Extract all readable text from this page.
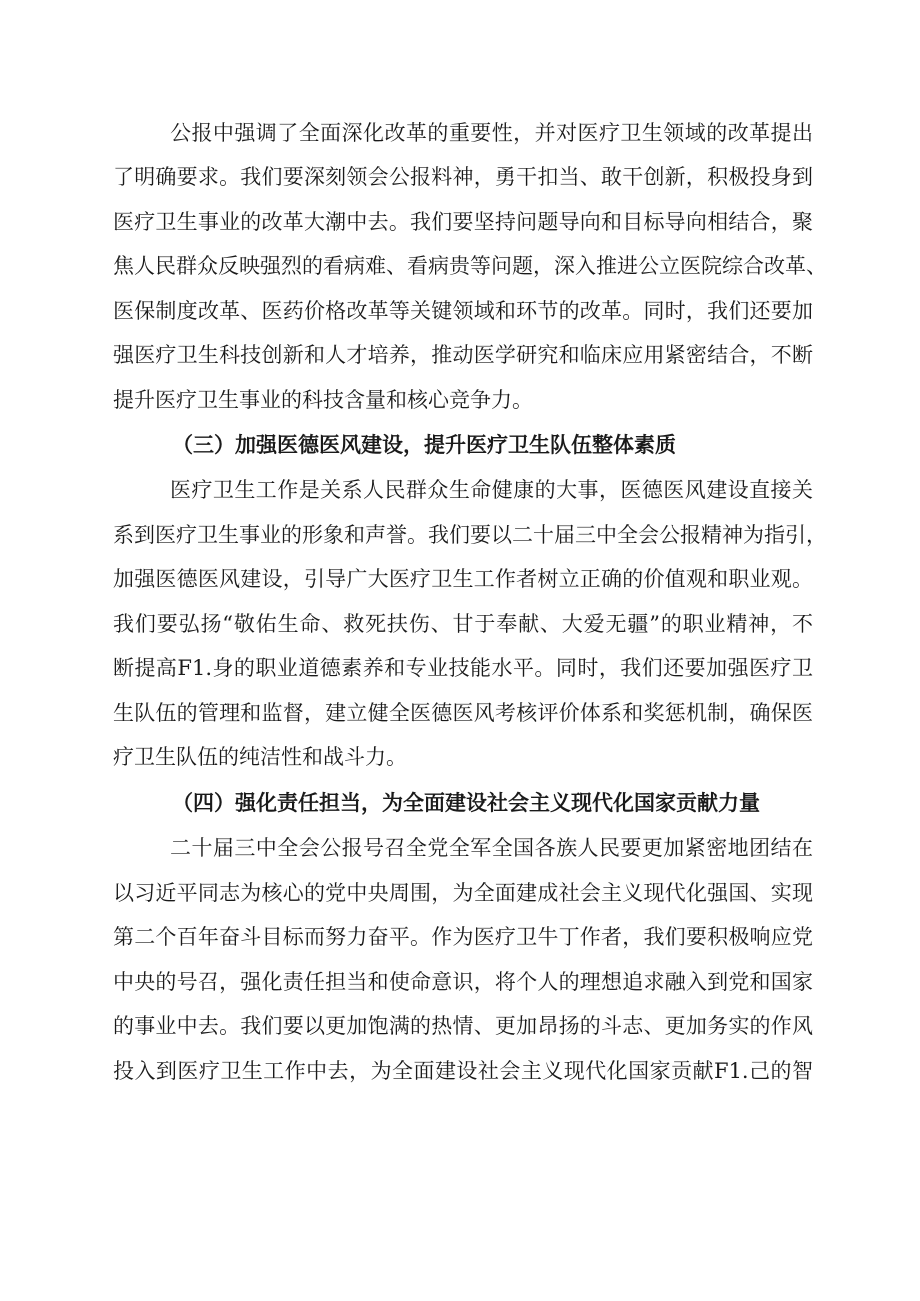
公报中强调了全面深化改革的重要性，并对医疗卫生领域的改革提出
了明确要求。我们要深刻领会公报料神，勇干扣当、敢干创新，积极投身到
医疗卫生事业的改革大潮中去。我们要坚持问题导向和目标导向相结合，聚
焦人民群众反映强烈的看病难、看病贵等问题，深入推进公立医院综合改革、
医保制度改革、医药价格改革等关键领域和环节的改革。同时，我们还要加
强医疗卫生科技创新和人才培养，推动医学研究和临床应用紧密结合，不断
提升医疗卫生事业的科技含量和核心竞争力。
（三）加强医德医风建设，提升医疗卫生队伍整体素质
医疗卫生工作是关系人民群众生命健康的大事，医德医风建设直接关
系到医疗卫生事业的形象和声誉。我们要以二十届三中全会公报精神为指引，
加强医德医风建设，引导广大医疗卫生工作者树立正确的价值观和职业观。
我们要弘扬“敬佑生命、救死扶伤、甘于奉献、大爱无疆”的职业精神，不
断提高F1.身的职业道德素养和专业技能水平。同时，我们还要加强医疗卫
生队伍的管理和监督，建立健全医德医风考核评价体系和奖惩机制，确保医
疗卫生队伍的纯洁性和战斗力。
（四）强化责任担当，为全面建设社会主义现代化国家贡献力量
二十届三中全会公报号召全党全军全国各族人民要更加紧密地团结在
以习近平同志为核心的党中央周围，为全面建成社会主义现代化强国、实现
第二个百年奋斗目标而努力奋平。作为医疗卫牛丁作者，我们要积极响应党
中央的号召，强化责任担当和使命意识，将个人的理想追求融入到党和国家
的事业中去。我们要以更加饱满的热情、更加昂扬的斗志、更加务实的作风
投入到医疗卫生工作中去，为全面建设社会主义现代化国家贡献F1.己的智
